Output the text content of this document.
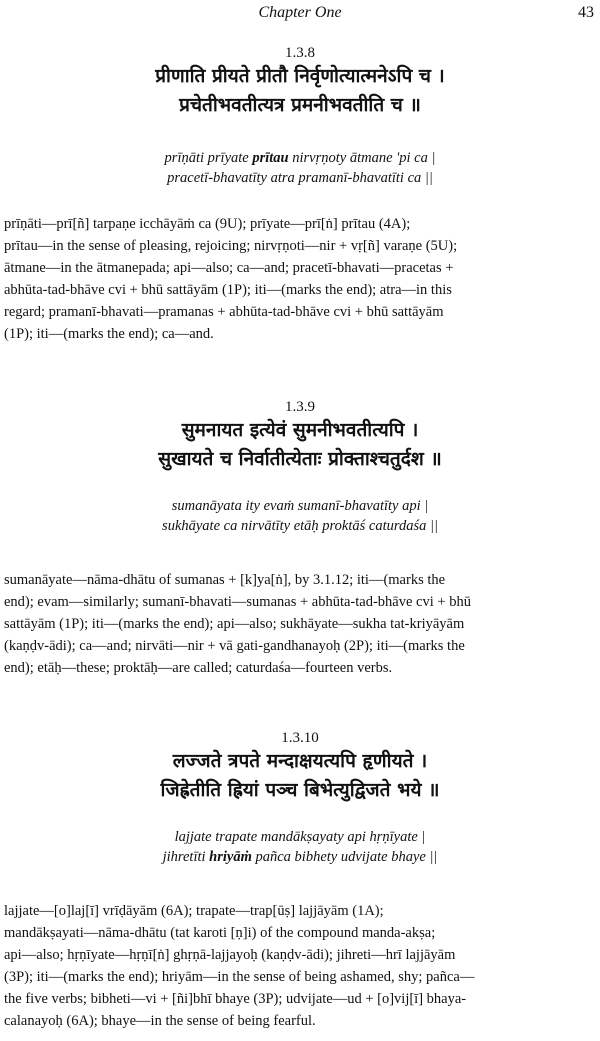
Chapter One	43
1.3.8
प्रीणाति प्रीयते प्रीतौ निर्वृणोत्यात्मनेऽपि च ।
प्रचेतीभवतीत्यत्र प्रमनीभवतीति च ॥
prīṇāti prīyate prītau nirvṛṇoty ātmane 'pi ca |
pracetī-bhavatīty atra pramanī-bhavatīti ca ||
prīṇāti—prī[ñ] tarpaṇe icchāyāṁ ca (9U); prīyate—prī[ṅ] prītau (4A);
prītau—in the sense of pleasing, rejoicing; nirvṛṇoti—nir + vṛ[ñ] varaṇe (5U);
ātmane—in the ātmanepada; api—also; ca—and; pracetī-bhavati—pracetas +
abhūta-tad-bhāve cvi + bhū sattāyām (1P); iti—(marks the end); atra—in this
regard; pramanī-bhavati—pramanas + abhūta-tad-bhāve cvi + bhū sattāyām
(1P); iti—(marks the end); ca—and.
1.3.9
सुमनायत इत्येवं सुमनीभवतीत्यपि ।
सुखायते च निर्वातीत्येताः प्रोक्ताश्चतुर्दश ॥
sumanāyata ity evaṁ sumanī-bhavatīty api |
sukhāyate ca nirvātīty etāḥ proktāś caturdaśa ||
sumanāyate—nāma-dhātu of sumanas + [k]ya[ṅ], by 3.1.12; iti—(marks the
end); evam—similarly; sumanī-bhavati—sumanas + abhūta-tad-bhāve cvi + bhū
sattāyām (1P); iti—(marks the end); api—also; sukhāyate—sukha tat-kriyāyām
(kaṇḍv-ādi); ca—and; nirvāti—nir + vā gati-gandhanayoḥ (2P); iti—(marks the
end); etāḥ—these; proktāḥ—are called; caturdaśa—fourteen verbs.
1.3.10
लज्जते त्रपते मन्दाक्षयत्यपि हृणीयते ।
जिह्रेतीति ह्रियां पञ्च बिभेत्युद्विजते भये ॥
lajjate trapate mandākṣayaty api hṛṇīyate |
jihretīti hriyāṁ pañca bibhety udvijate bhaye ||
lajjate—[o]laj[ī] vrīḍāyām (6A); trapate—trap[ūṣ] lajjāyām (1A);
mandākṣayati—nāma-dhātu (tat karoti [ṇ]i) of the compound manda-akṣa;
api—also; hṛṇīyate—hṛṇī[ṅ] ghṛṇā-lajjayoḥ (kaṇḍv-ādi); jihreti—hrī lajjāyām
(3P); iti—(marks the end); hriyām—in the sense of being ashamed, shy; pañca—
the five verbs; bibheti—vi + [ñi]bhī bhaye (3P); udvijate—ud + [o]vij[ī] bhaya-
calanayoḥ (6A); bhaye—in the sense of being fearful.
